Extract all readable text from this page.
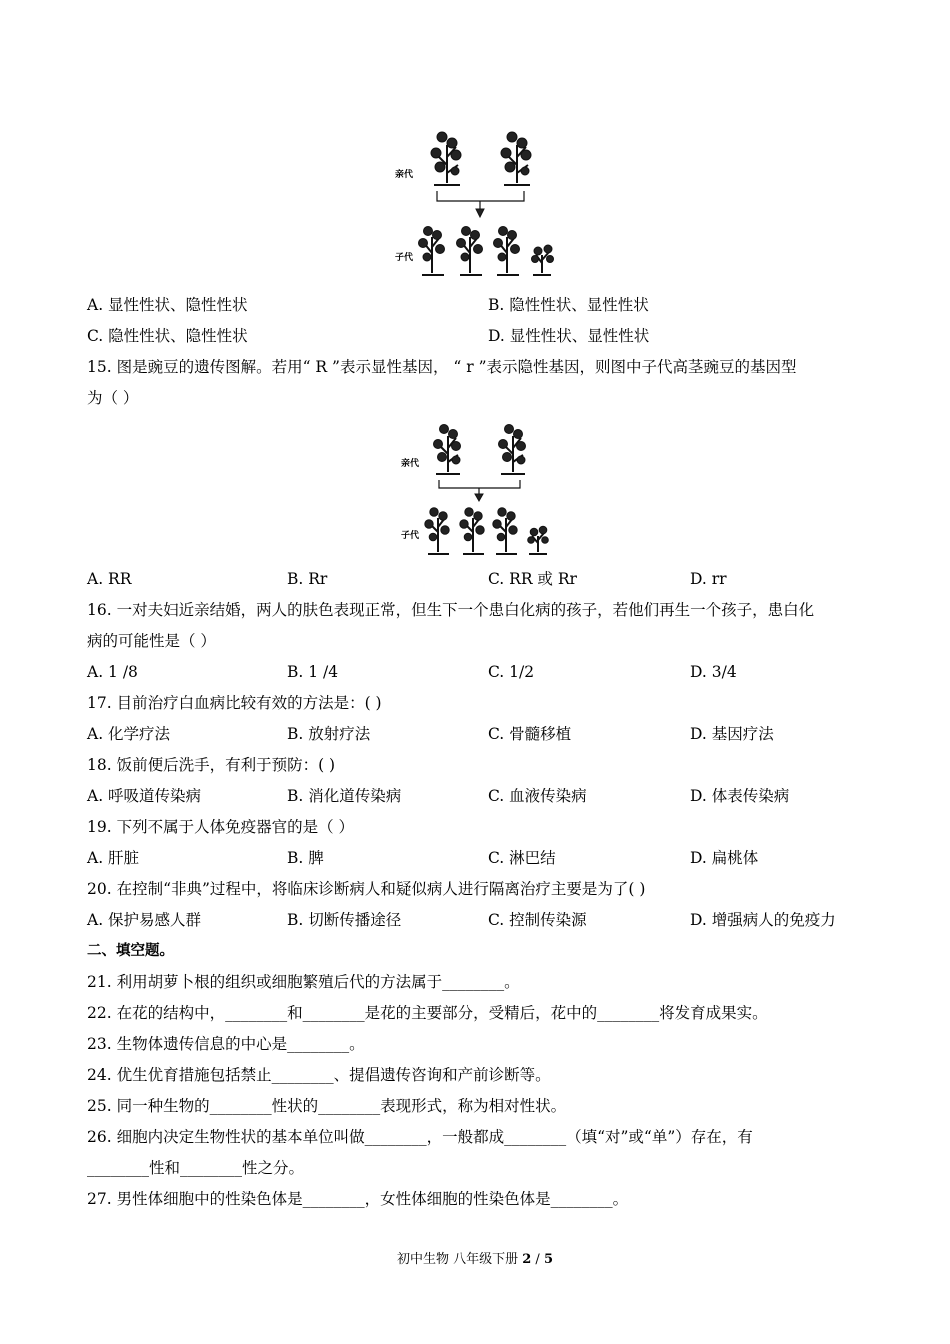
亲代
子代
A. 显性性状、隐性性状	B. 隐性性状、显性性状
C. 隐性性状、隐性性状	D. 显性性状、显性性状
15. 图是豌豆的遗传图解。若用“ R ”表示显性基因， “ r ”表示隐性基因，则图中子代高茎豌豆的基因型
为（ ）
亲代
子代
A. RR	B. Rr	C. RR 或 Rr	D. rr
16. 一对夫妇近亲结婚，两人的肤色表现正常，但生下一个患白化病的孩子，若他们再生一个孩子，患白化
病的可能性是（ ）
A. 1 /8	B. 1 /4	C. 1/2	D. 3/4
17. 目前治疗白血病比较有效的方法是：( )
A. 化学疗法	B. 放射疗法	C. 骨髓移植	D. 基因疗法
18. 饭前便后洗手，有利于预防：( )
A. 呼吸道传染病	B. 消化道传染病	C. 血液传染病	D. 体表传染病
19. 下列不属于人体免疫器官的是（ ）
A. 肝脏	B. 脾	C. 淋巴结	D. 扁桃体
20. 在控制“非典”过程中，将临床诊断病人和疑似病人进行隔离治疗主要是为了( )
A. 保护易感人群	B. 切断传播途径	C. 控制传染源	D. 增强病人的免疫力
二、填空题。
21. 利用胡萝卜根的组织或细胞繁殖后代的方法属于________。
22. 在花的结构中，________和________是花的主要部分，受精后，花中的________将发育成果实。
23. 生物体遗传信息的中心是________。
24. 优生优育措施包括禁止________、提倡遗传咨询和产前诊断等。
25. 同一种生物的________性状的________表现形式，称为相对性状。
26. 细胞内决定生物性状的基本单位叫做________，一般都成________（填“对”或“单”）存在，有
________性和________性之分。
27. 男性体细胞中的性染色体是________，女性体细胞的性染色体是________。
初中生物 八年级下册 2 / 5
